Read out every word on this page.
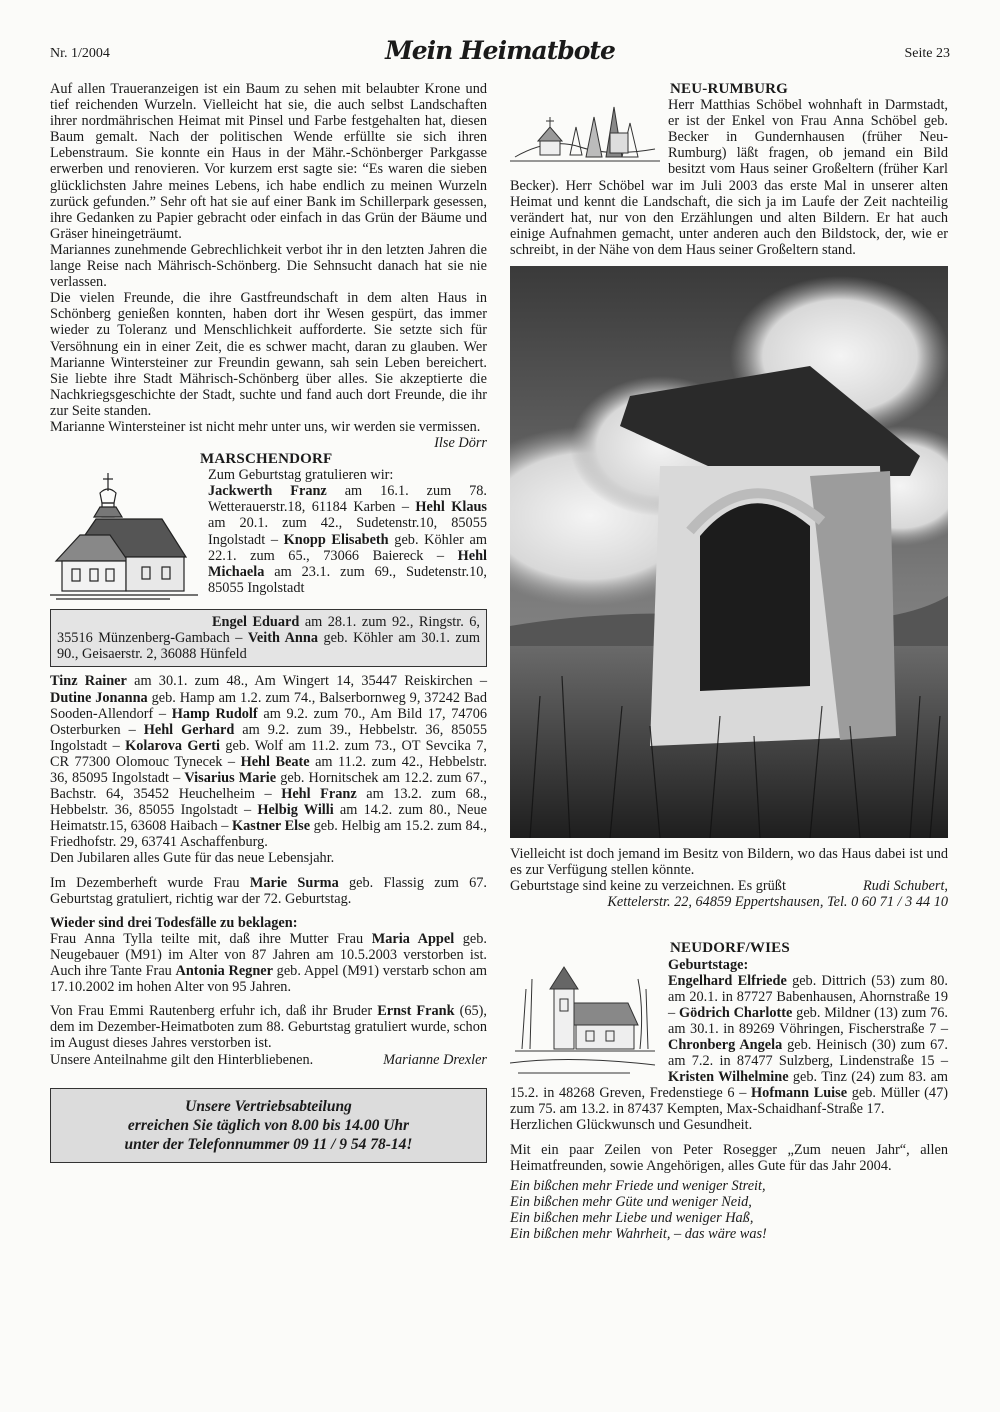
Nr. 1/2004	Mein Heimatbote	Seite 23

Auf allen Traueranzeigen ist ein Baum zu sehen mit belaubter Krone und tief reichenden Wurzeln. Vielleicht hat sie, die auch selbst Landschaften ihrer nordmährischen Heimat mit Pinsel und Farbe festgehalten hat, diesen Baum gemalt. Nach der politischen Wende erfüllte sie sich ihren Lebenstraum. Sie konnte ein Haus in der Mähr.-Schönberger Parkgasse erwerben und renovieren. Vor kurzem erst sagte sie: “Es waren die sieben glücklichsten Jahre meines Lebens, ich habe endlich zu meinen Wurzeln zurück gefunden.” Sehr oft hat sie auf einer Bank im Schillerpark gesessen, ihre Gedanken zu Papier gebracht oder einfach in das Grün der Bäume und Gräser hineingeträumt.

Mariannes zunehmende Gebrechlichkeit verbot ihr in den letzten Jahren die lange Reise nach Mährisch-Schönberg. Die Sehnsucht danach hat sie nie verlassen.

Die vielen Freunde, die ihre Gastfreundschaft in dem alten Haus in Schönberg genießen konnten, haben dort ihr Wesen gespürt, das immer wieder zu Toleranz und Menschlichkeit aufforderte. Sie setzte sich für Versöhnung ein in einer Zeit, die es schwer macht, daran zu glauben. Wer Marianne Wintersteiner zur Freundin gewann, sah sein Leben bereichert. Sie liebte ihre Stadt Mährisch-Schönberg über alles. Sie akzeptierte die Nachkriegsgeschichte der Stadt, suchte und fand auch dort Freunde, die ihr zur Seite standen.

Marianne Wintersteiner ist nicht mehr unter uns, wir werden sie vermissen.
Ilse Dörr

MARSCHENDORF

Zum Geburtstag gratulieren wir:
Jackwerth Franz am 16.1. zum 78. Wetterauerstr.18, 61184 Karben – Hehl Klaus am 20.1. zum 42., Sudetenstr.10, 85055 Ingolstadt – Knopp Elisabeth geb. Köhler am 22.1. zum 65., 73066 Baiereck – Hehl Michaela am 23.1. zum 69., Sudetenstr.10, 85055 Ingolstadt

Engel Eduard am 28.1. zum 92., Ringstr. 6, 35516 Münzenberg-Gambach – Veith Anna geb. Köhler am 30.1. zum 90., Geisaerstr. 2, 36088 Hünfeld

Tinz Rainer am 30.1. zum 48., Am Wingert 14, 35447 Reiskirchen – Dutine Jonanna geb. Hamp am 1.2. zum 74., Balserbornweg 9, 37242 Bad Sooden-Allendorf – Hamp Rudolf am 9.2. zum 70., Am Bild 17, 74706 Osterburken – Hehl Gerhard am 9.2. zum 39., Hebbelstr. 36, 85055 Ingolstadt – Kolarova Gerti geb. Wolf am 11.2. zum 73., OT Sevcika 7, CR 77300 Olomouc Tynecek – Hehl Beate am 11.2. zum 42., Hebbelstr. 36, 85095 Ingolstadt – Visarius Marie geb. Hornitschek am 12.2. zum 67., Bachstr. 64, 35452 Heuchelheim – Hehl Franz am 13.2. zum 68., Hebbelstr. 36, 85055 Ingolstadt – Helbig Willi am 14.2. zum 80., Neue Heimatstr.15, 63608 Haibach – Kastner Else geb. Helbig am 15.2. zum 84., Friedhofstr. 29, 63741 Aschaffenburg.

Den Jubilaren alles Gute für das neue Lebensjahr.

Im Dezemberheft wurde Frau Marie Surma geb. Flassig zum 67. Geburtstag gratuliert, richtig war der 72. Geburtstag.

Wieder sind drei Todesfälle zu beklagen:

Frau Anna Tylla teilte mit, daß ihre Mutter Frau Maria Appel geb. Neugebauer (M91) im Alter von 87 Jahren am 10.5.2003 verstorben ist. Auch ihre Tante Frau Antonia Regner geb. Appel (M91) verstarb schon am 17.10.2002 im hohen Alter von 95 Jahren.

Von Frau Emmi Rautenberg erfuhr ich, daß ihr Bruder Ernst Frank (65), dem im Dezember-Heimatboten zum 88. Geburtstag gratuliert wurde, schon im August dieses Jahres verstorben ist.

Unsere Anteilnahme gilt den Hinterbliebenen.	Marianne Drexler

Unsere Vertriebsabteilung
erreichen Sie täglich von 8.00 bis 14.00 Uhr
unter der Telefonnummer 09 11 / 9 54 78-14!
NEU-RUMBURG

Herr Matthias Schöbel wohnhaft in Darmstadt, er ist der Enkel von Frau Anna Schöbel geb. Becker in Gundernhausen (früher Neu-Rumburg) läßt fragen, ob jemand ein Bild besitzt vom Haus seiner Großeltern (früher Karl Becker). Herr Schöbel war im Juli 2003 das erste Mal in unserer alten Heimat und kennt die Landschaft, die sich ja im Laufe der Zeit nachteilig verändert hat, nur von den Erzählungen und alten Bildern. Er hat auch einige Aufnahmen gemacht, unter anderen auch den Bildstock, der, wie er schreibt, in der Nähe von dem Haus seiner Großeltern stand.

Vielleicht ist doch jemand im Besitz von Bildern, wo das Haus dabei ist und es zur Verfügung stellen könnte.

Geburtstage sind keine zu verzeichnen. Es grüßt	Rudi Schubert,

Kettelerstr. 22, 64859 Eppertshausen, Tel. 0 60 71 / 3 44 10

NEUDORF/WIES

Geburtstage:

Engelhard Elfriede geb. Dittrich (53) zum 80. am 20.1. in 87727 Babenhausen, Ahornstraße 19 – Gödrich Charlotte geb. Mildner (13) zum 76. am 30.1. in 89269 Vöhringen, Fischerstraße 7 – Chronberg Angela geb. Heinisch (30) zum 67. am 7.2. in 87477 Sulzberg, Lindenstraße 15 – Kristen Wilhelmine geb. Tinz (24) zum 83. am 15.2. in 48268 Greven, Fredenstiege 6 – Hofmann Luise geb. Müller (47) zum 75. am 13.2. in 87437 Kempten, Max-Schaidhanf-Straße 17.

Herzlichen Glückwunsch und Gesundheit.

Mit ein paar Zeilen von Peter Rosegger „Zum neuen Jahr“, allen Heimatfreunden, sowie Angehörigen, alles Gute für das Jahr 2004.

Ein bißchen mehr Friede und weniger Streit,
Ein bißchen mehr Güte und weniger Neid,
Ein bißchen mehr Liebe und weniger Haß,
Ein bißchen mehr Wahrheit, – das wäre was!
